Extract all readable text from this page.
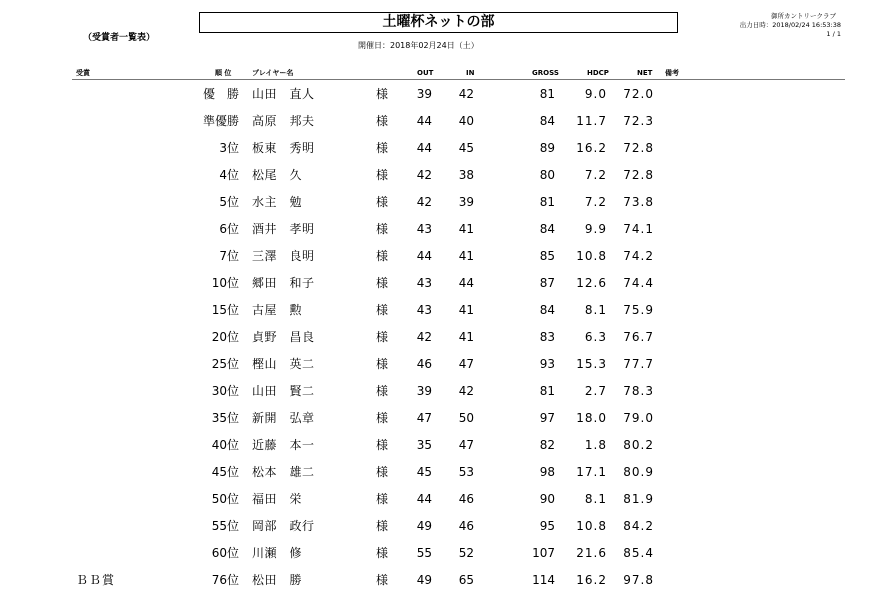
土曜杯ネットの部
（受賞者一覧表）
開催日：2018年02月24日（土）
御所カントリークラブ
出力日時：2018/02/24 16:53:38
1 / 1
受賞	順 位	プレイヤー名	OUT	IN	GROSS	HDCP	NET 備考
優　勝 山田　直人	様 39 42	81 9.0 72.0
準優勝 高原　邦夫	様 44 40	84 11.7 72.3
3位 板東　秀明	様 44 45	89 16.2 72.8
4位 松尾　久	様 42 38	80 7.2 72.8
5位 水主　勉	様 42 39	81 7.2 73.8
6位 酒井　孝明	様 43 41	84 9.9 74.1
7位 三澤　良明	様 44 41	85 10.8 74.2
10位 郷田　和子	様 43 44	87 12.6 74.4
15位 古屋　勲	様 43 41	84 8.1 75.9
20位 貞野　昌良	様 42 41	83 6.3 76.7
25位 樫山　英二	様 46 47	93 15.3 77.7
30位 山田　賢二	様 39 42	81 2.7 78.3
35位 新開　弘章	様 47 50	97 18.0 79.0
40位 近藤　本一	様 35 47	82 1.8 80.2
45位 松本　雄二	様 45 53	98 17.1 80.9
50位 福田　栄	様 44 46	90 8.1 81.9
55位 岡部　政行	様 49 46	95 10.8 84.2
60位 川瀬　修	様 55 52	107 21.6 85.4
ＢＢ賞	76位 松田　勝	様 49 65	114 16.2 97.8
